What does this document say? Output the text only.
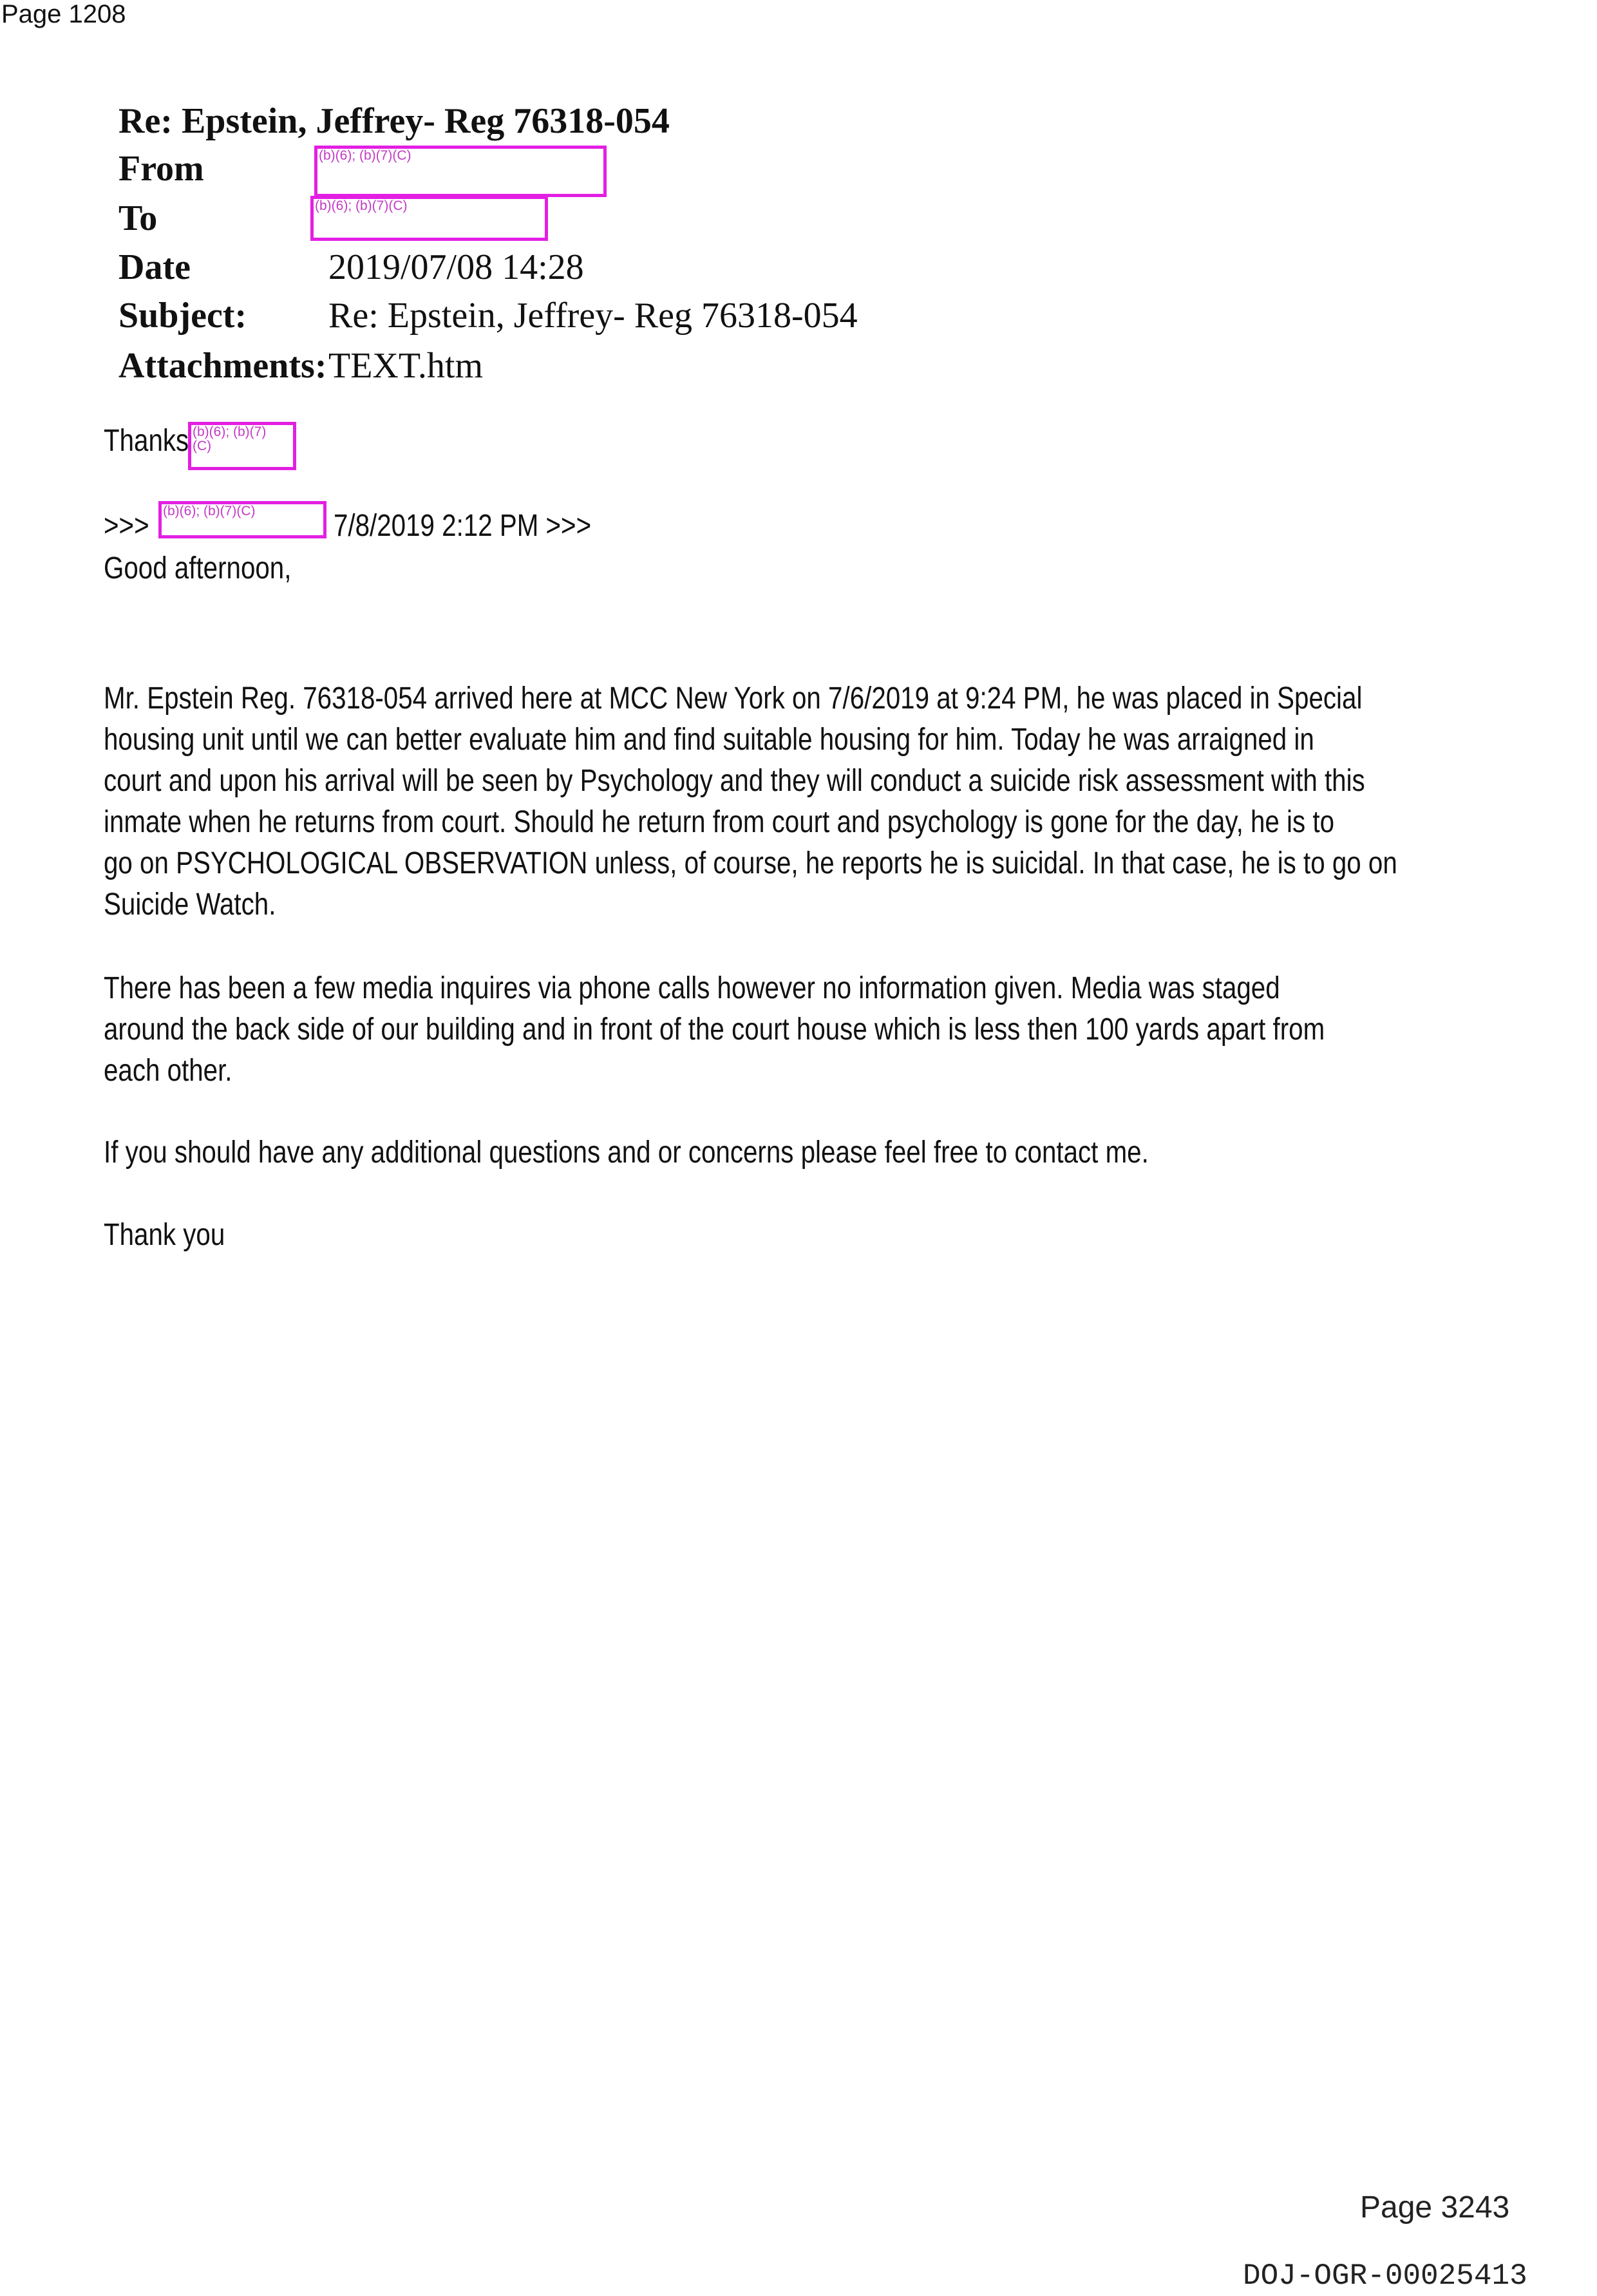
Page 1208
Re: Epstein, Jeffrey- Reg 76318-054
From
To
Date	2019/07/08 14:28
Subject: Re: Epstein, Jeffrey- Reg 76318-054
Attachments: TEXT.htm
(b)(6); (b)(7)(C)
(b)(6); (b)(7)(C)
Thanks (b)(6); (b)(7)(C)
>>> (b)(6); (b)(7)(C)	7/8/2019 2:12 PM >>>
Good afternoon,
Mr. Epstein Reg. 76318-054 arrived here at MCC New York on 7/6/2019 at 9:24 PM, he was placed in Special
housing unit until we can better evaluate him and find suitable housing for him. Today he was arraigned in
court and upon his arrival will be seen by Psychology and they will conduct a suicide risk assessment with this
inmate when he returns from court. Should he return from court and psychology is gone for the day, he is to
go on PSYCHOLOGICAL OBSERVATION unless, of course, he reports he is suicidal. In that case, he is to go on
Suicide Watch.
There has been a few media inquires via phone calls however no information given. Media was staged
around the back side of our building and in front of the court house which is less then 100 yards apart from
each other.
If you should have any additional questions and or concerns please feel free to contact me.
Thank you
Page 3243
DOJ-OGR-00025413
